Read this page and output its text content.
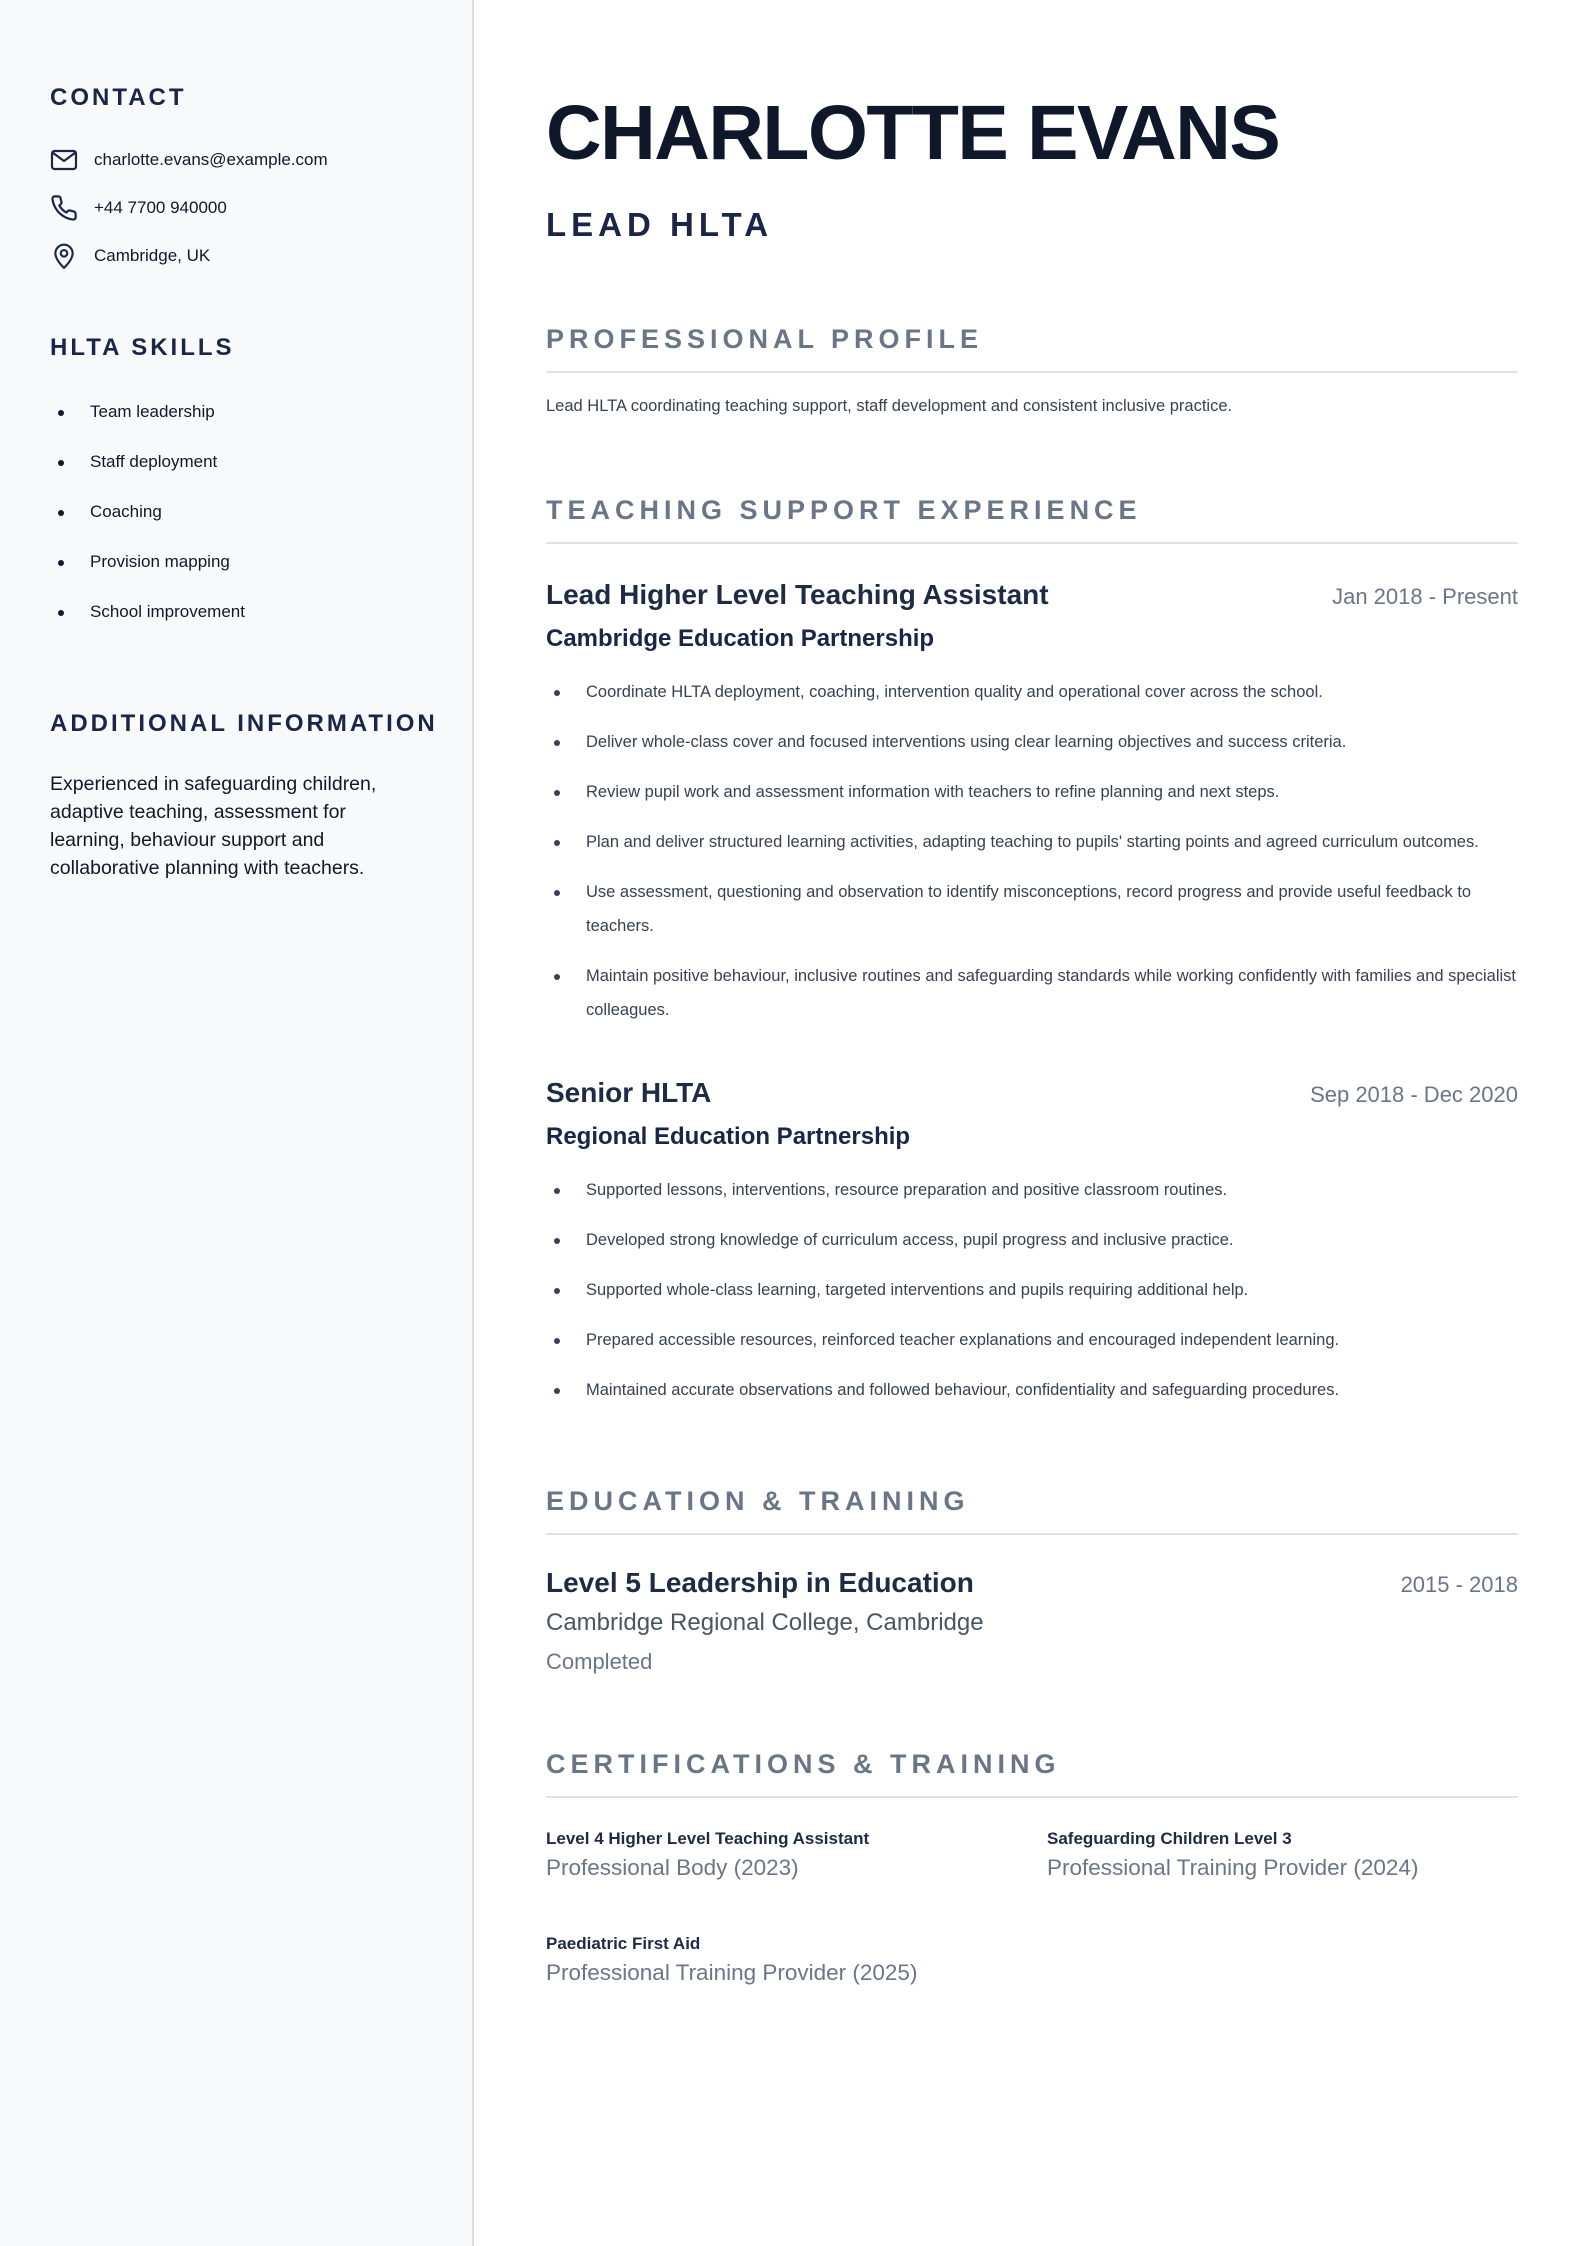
CONTACT
charlotte.evans@example.com
+44 7700 940000
Cambridge, UK
HLTA SKILLS
Team leadership
Staff deployment
Coaching
Provision mapping
School improvement
ADDITIONAL INFORMATION

Experienced in safeguarding children, adaptive teaching, assessment for learning, behaviour support and collaborative planning with teachers.

CHARLOTTE EVANS
LEAD HLTA
PROFESSIONAL PROFILE

Lead HLTA coordinating teaching support, staff development and consistent inclusive practice.

TEACHING SUPPORT EXPERIENCE
Lead Higher Level Teaching Assistant	Jan 2018 - Present
Cambridge Education Partnership
Coordinate HLTA deployment, coaching, intervention quality and operational cover across the school.
Deliver whole-class cover and focused interventions using clear learning objectives and success criteria.
Review pupil work and assessment information with teachers to refine planning and next steps.
Plan and deliver structured learning activities, adapting teaching to pupils' starting points and agreed curriculum outcomes.
Use assessment, questioning and observation to identify misconceptions, record progress and provide useful feedback to teachers.
Maintain positive behaviour, inclusive routines and safeguarding standards while working confidently with families and specialist colleagues.
Senior HLTA	Sep 2018 - Dec 2020
Regional Education Partnership
Supported lessons, interventions, resource preparation and positive classroom routines.
Developed strong knowledge of curriculum access, pupil progress and inclusive practice.
Supported whole-class learning, targeted interventions and pupils requiring additional help.
Prepared accessible resources, reinforced teacher explanations and encouraged independent learning.
Maintained accurate observations and followed behaviour, confidentiality and safeguarding procedures.
EDUCATION & TRAINING
Level 5 Leadership in Education	2015 - 2018
Cambridge Regional College, Cambridge
Completed
CERTIFICATIONS & TRAINING
Level 4 Higher Level Teaching Assistant
Professional Body (2023)
Safeguarding Children Level 3
Professional Training Provider (2024)
Paediatric First Aid
Professional Training Provider (2025)
